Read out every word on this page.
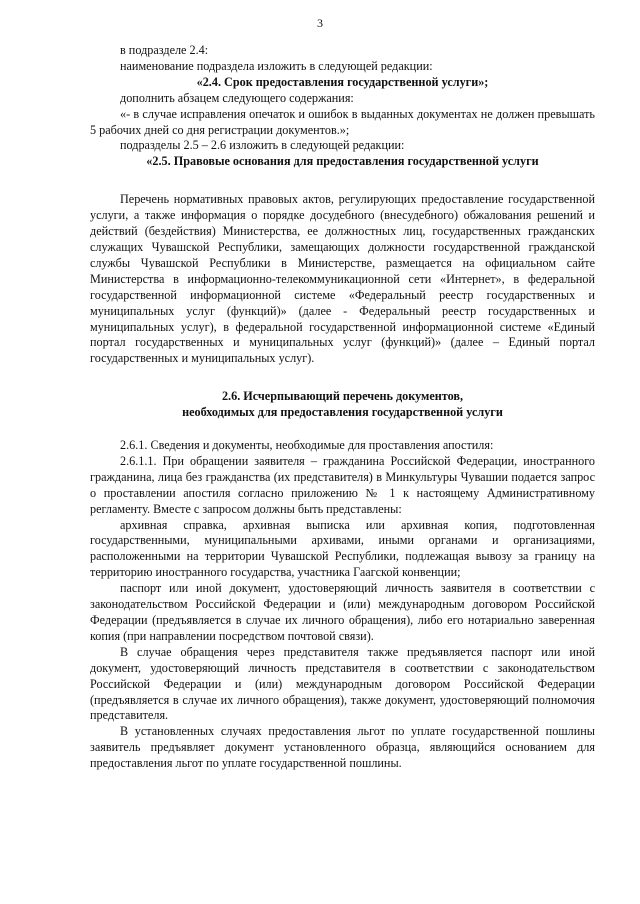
3

в подразделе 2.4:

наименование подраздела изложить в следующей редакции:

«2.4. Срок предоставления государственной услуги»;

дополнить абзацем следующего содержания:

«- в случае исправления опечаток и ошибок в выданных документах не должен превышать 5 рабочих дней со дня регистрации документов.»;

подразделы 2.5 – 2.6 изложить в следующей редакции:

«2.5. Правовые основания для предоставления государственной услуги

Перечень нормативных правовых актов, регулирующих предоставление государственной услуги, а также информация о порядке досудебного (внесудебного) обжалования решений и действий (бездействия) Министерства, ее должностных лиц, государственных гражданских служащих Чувашской Республики, замещающих должности государственной гражданской службы Чувашской Республики в Министерстве, размещается на официальном сайте Министерства в информационно-телекоммуникационной сети «Интернет», в федеральной государственной информационной системе «Федеральный реестр государственных и муниципальных услуг (функций)» (далее - Федеральный реестр государственных и муниципальных услуг), в федеральной государственной информационной системе «Единый портал государственных и муниципальных услуг (функций)» (далее – Единый портал государственных и муниципальных услуг).

2.6. Исчерпывающий перечень документов,

необходимых для предоставления государственной услуги

2.6.1. Сведения и документы, необходимые для проставления апостиля:

2.6.1.1. При обращении заявителя – гражданина Российской Федерации, иностранного гражданина, лица без гражданства (их представителя) в Минкультуры Чувашии подается запрос о проставлении апостиля согласно приложению № 1 к настоящему Административному регламенту. Вместе с запросом должны быть представлены:

архивная справка, архивная выписка или архивная копия, подготовленная государственными, муниципальными архивами, иными органами и организациями, расположенными на территории Чувашской Республики, подлежащая вывозу за границу на территорию иностранного государства, участника Гаагской конвенции;

паспорт или иной документ, удостоверяющий личность заявителя в соответствии с законодательством Российской Федерации и (или) международным договором Российской Федерации (предъявляется в случае их личного обращения), либо его нотариально заверенная копия (при направлении посредством почтовой связи).

В случае обращения через представителя также предъявляется паспорт или иной документ, удостоверяющий личность представителя в соответствии с законодательством Российской Федерации и (или) международным договором Российской Федерации (предъявляется в случае их личного обращения), также документ, удостоверяющий полномочия представителя.

В установленных случаях предоставления льгот по уплате государственной пошлины заявитель предъявляет документ установленного образца, являющийся основанием для предоставления льгот по уплате государственной пошлины.
